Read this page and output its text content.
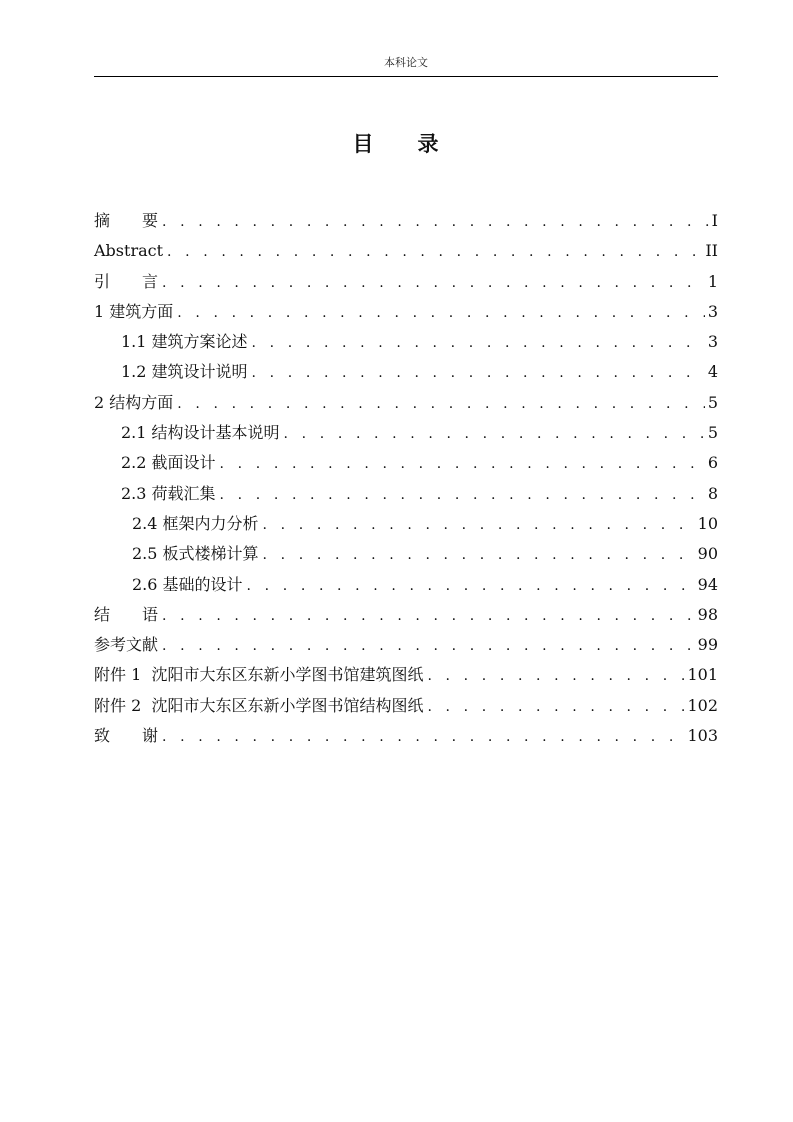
本科论文
目 录
摘 要 . . .	I
Abstract . . .	II
引 言 . . .	1
1 建筑方面 . . .	3
1.1 建筑方案论述 . . .	3
1.2 建筑设计说明 . . .	4
2 结构方面 . . .	5
2.1 结构设计基本说明 . . .	5
2.2 截面设计 . . .	6
2.3 荷载汇集 . . .	8
2.4 框架内力分析 . . .	10
2.5 板式楼梯计算 . . .	90
2.6 基础的设计 . . .	94
结 语 . . .	98
参考文献 . . .	99
附件 1  沈阳市大东区东新小学图书馆建筑图纸 . . .	101
附件 2  沈阳市大东区东新小学图书馆结构图纸 . . .	102
致 谢 . . .	103
